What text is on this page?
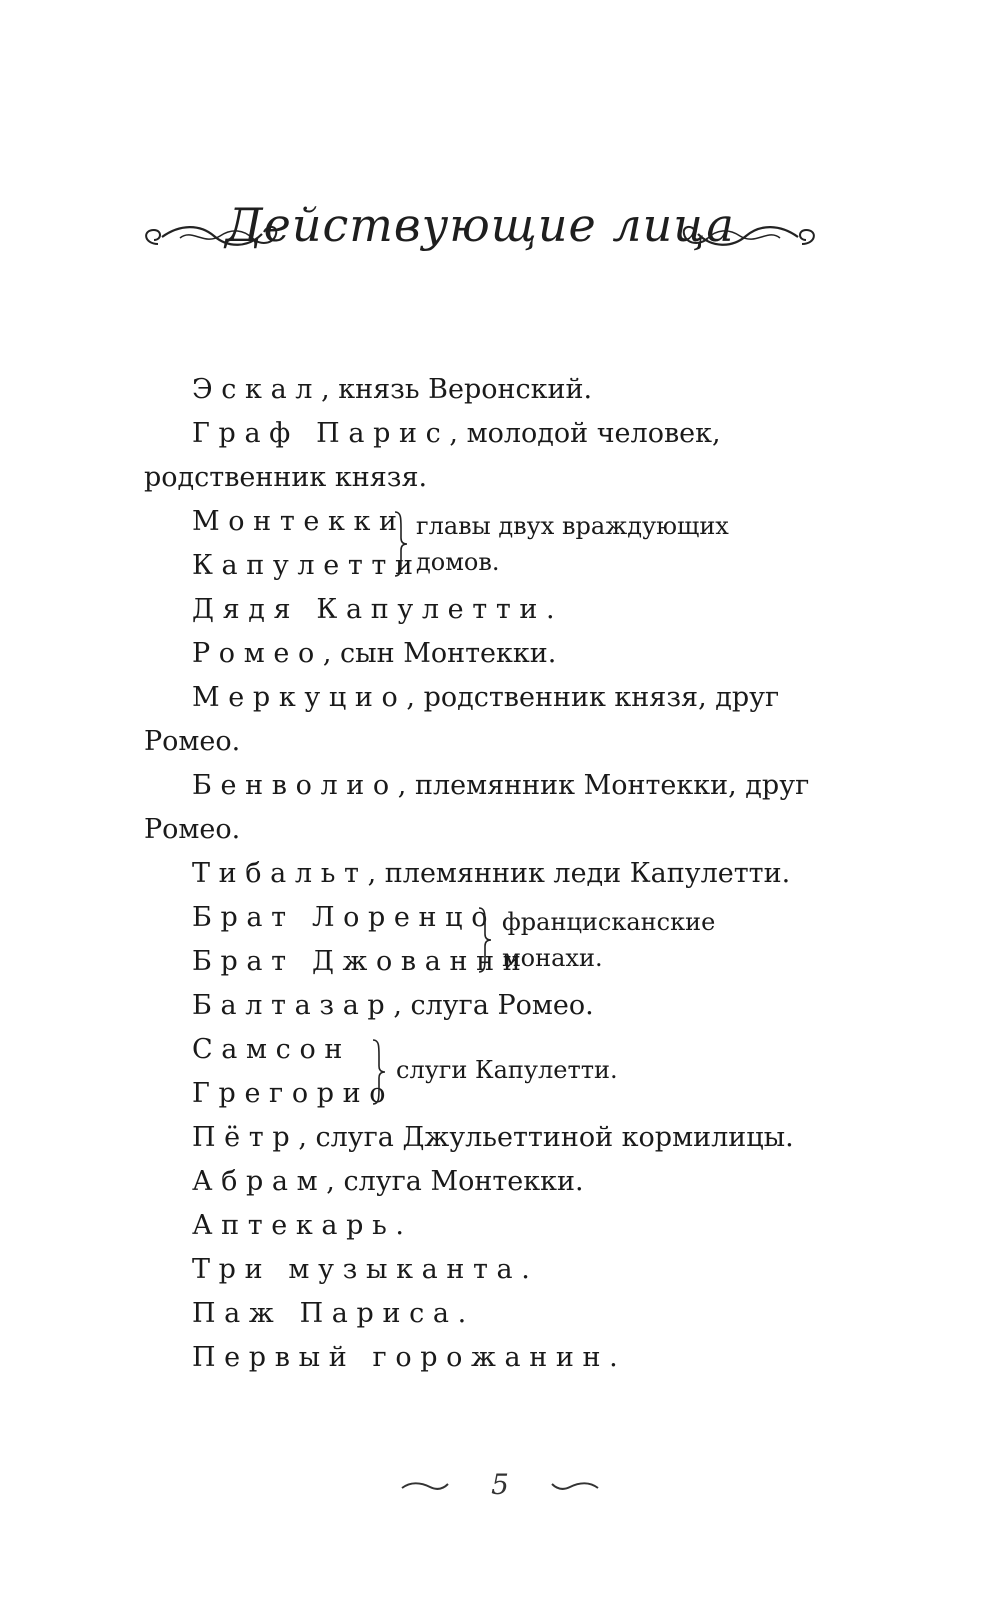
Действующие лица
Эскал, князь Веронский.
Граф Парис, молодой человек,
родственник князя.
Монтекки
Капулетти
главы двух враждующих
домов.
Дядя Капулетти.
Ромео, сын Монтекки.
Меркуцио, родственник князя, друг
Ромео.
Бенволио, племянник Монтекки, друг
Ромео.
Тибальт, племянник леди Капулетти.
Брат Лоренцо
Брат Джованни
францисканские
монахи.
Балтазар, слуга Ромео.
Самсон
Грегорио
слуги Капулетти.
Пётр, слуга Джульеттиной кормилицы.
Абрам, слуга Монтекки.
Аптекарь.
Три музыканта.
Паж Париса.
Первый горожанин.
5
